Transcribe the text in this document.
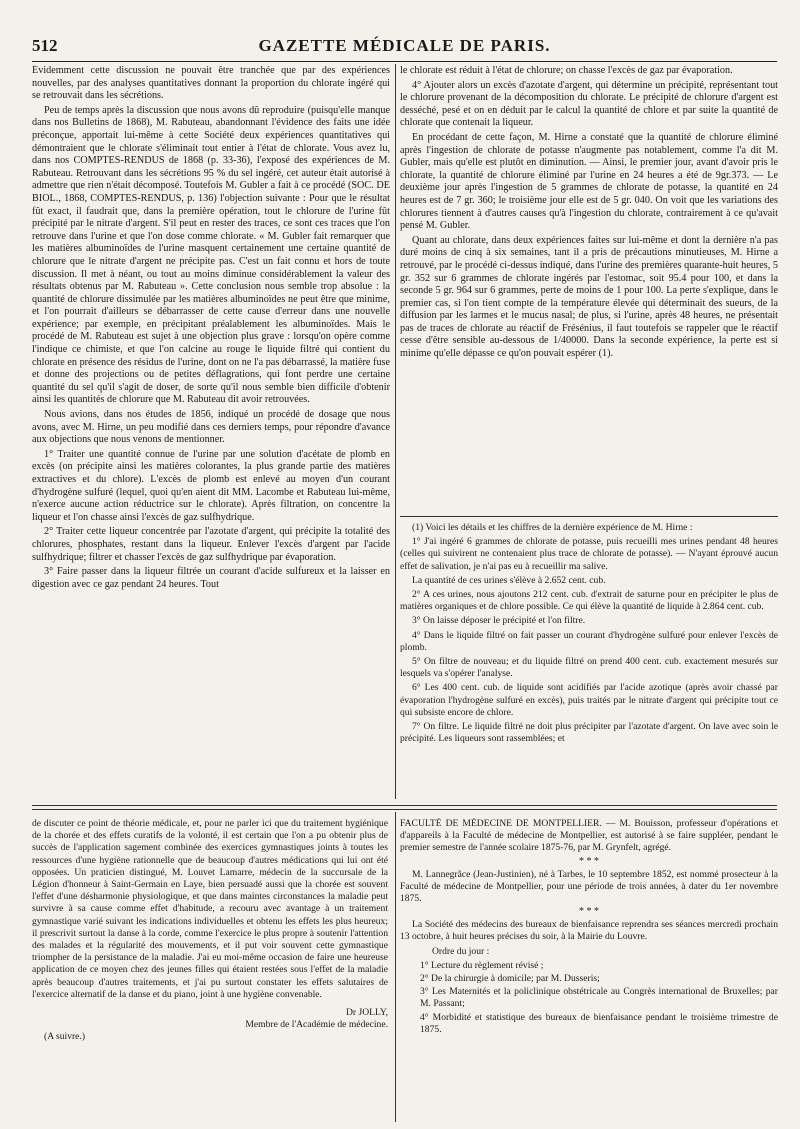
512	GAZETTE MÉDICALE DE PARIS.

Évidemment cette discussion ne pouvait être tranchée que par des expériences nouvelles, par des analyses quantitatives donnant la proportion du chlorate ingéré qui se retrouvait dans les sécrétions.

Peu de temps après la discussion que nous avons dû reproduire (puisqu'elle manque dans nos Bulletins de 1868), M. Rabuteau, abandonnant l'évidence des faits une idée préconçue, apportait lui-même à cette Société deux expériences quantitatives qui démontraient que le chlorate s'éliminait tout entier à l'état de chlorate. Vous avez lu, dans nos COMPTES-RENDUS de 1868 (p. 33-36), l'exposé des expériences de M. Rabuteau. Retrouvant dans les sécrétions 95 % du sel ingéré, cet auteur était autorisé à admettre que rien n'était décomposé. Toutefois M. Gubler a fait à ce procédé (SOC. DE BIOL., 1868, COMPTES-RENDUS, p. 136) l'objection suivante : Pour que le résultat fût exact, il faudrait que, dans la première opération, tout le chlorure de l'urine fût précipité par le nitrate d'argent. S'il peut en rester des traces, ce sont ces traces que l'on retrouve dans l'urine et que l'on dose comme chlorate. « M. Gubler fait remarquer que les matières albuminoïdes de l'urine masquent certainement une certaine quantité de chlorure que le nitrate d'argent ne précipite pas. C'est un fait connu et hors de toute discussion. Il met à néant, ou tout au moins diminue considérablement la valeur des résultats obtenus par M. Rabuteau ». Cette conclusion nous semble trop absolue : la quantité de chlorure dissimulée par les matières albuminoïdes ne peut être que minime, et l'on pourrait d'ailleurs se débarrasser de cette cause d'erreur dans une nouvelle expérience; par exemple, en précipitant préalablement les albuminoïdes. Mais le procédé de M. Rabuteau est sujet à une objection plus grave : lorsqu'on opère comme l'indique ce chimiste, et que l'on calcine au rouge le liquide filtré qui contient du chlorate en présence des résidus de l'urine, dont on ne l'a pas débarrassé, la matière fuse et donne des projections ou de petites déflagrations, qui font perdre une certaine quantité du sel qu'il s'agit de doser, de sorte qu'il nous semble bien difficile d'obtenir ainsi les quantités de chlorure que M. Rabuteau dit avoir retrouvées.

Nous avions, dans nos études de 1856, indiqué un procédé de dosage que nous avons, avec M. Hirne, un peu modifié dans ces derniers temps, pour répondre d'avance aux objections que nous venons de mentionner.

1° Traiter une quantité connue de l'urine par une solution d'acétate de plomb en excès (on précipite ainsi les matières colorantes, la plus grande partie des matières extractives et du chlore). L'excès de plomb est enlevé au moyen d'un courant d'hydrogène sulfuré (lequel, quoi qu'en aient dit MM. Lacombe et Rabuteau lui-même, n'exerce aucune action réductrice sur le chlorate). Après filtration, on concentre la liqueur et l'on chasse ainsi l'excès de gaz sulfhydrique.

2° Traiter cette liqueur concentrée par l'azotate d'argent, qui précipite la totalité des chlorures, phosphates, restant dans la liqueur. Enlever l'excès d'argent par l'acide sulfhydrique; filtrer et chasser l'excès de gaz sulfhydrique par évaporation.

3° Faire passer dans la liqueur filtrée un courant d'acide sulfureux et la laisser en digestion avec ce gaz pendant 24 heures. Tout

le chlorate est réduit à l'état de chlorure; on chasse l'excès de gaz par évaporation.

4° Ajouter alors un excès d'azotate d'argent, qui détermine un précipité, représentant tout le chlorure provenant de la décomposition du chlorate. Le précipité de chlorure d'argent est desséché, pesé et on en déduit par le calcul la quantité de chlore et par suite la quantité de chlorate que contenait la liqueur.

En procédant de cette façon, M. Hirne a constaté que la quantité de chlorure éliminé après l'ingestion de chlorate de potasse n'augmente pas notablement, comme l'a dit M. Gubler, mais qu'elle est plutôt en diminution. — Ainsi, le premier jour, avant d'avoir pris le chlorate, la quantité de chlorure éliminé par l'urine en 24 heures a été de 9gr.373. — Le deuxième jour après l'ingestion de 5 grammes de chlorate de potasse, la quantité en 24 heures est de 7 gr. 360; le troisième jour elle est de 5 gr. 040. On voit que les variations des chlorures tiennent à d'autres causes qu'à l'ingestion du chlorate, contrairement à ce qu'avait pensé M. Gubler.

Quant au chlorate, dans deux expériences faites sur lui-même et dont la dernière n'a pas duré moins de cinq à six semaines, tant il a pris de précautions minutieuses, M. Hirne a retrouvé, par le procédé ci-dessus indiqué, dans l'urine des premières quarante-huit heures, 5 gr. 352 sur 6 grammes de chlorate ingérés par l'estomac, soit 95.4 pour 100, et dans la seconde 5 gr. 964 sur 6 grammes, perte de moins de 1 pour 100. La perte s'explique, dans le premier cas, si l'on tient compte de la température élevée qui déterminait des sueurs, de la diffusion par les larmes et le mucus nasal; de plus, si l'urine, après 48 heures, ne présentait pas de traces de chlorate au réactif de Frésénius, il faut toutefois se rappeler que le réactif cesse d'être sensible au-dessous de 1/40000. Dans la seconde expérience, la perte est si minime qu'elle dépasse ce qu'on pouvait espérer (1).

(1) Voici les détails et les chiffres de la dernière expérience de M. Hirne :

1° J'ai ingéré 6 grammes de chlorate de potasse, puis recueilli mes urines pendant 48 heures (celles qui suivirent ne contenaient plus trace de chlorate de potasse). — N'ayant éprouvé aucun effet de salivation, je n'ai pas eu à recueillir ma salive.

La quantité de ces urines s'élève à 2.652 cent. cub.

2° A ces urines, nous ajoutons 212 cent. cub. d'extrait de saturne pour en précipiter le plus de matières organiques et de chlore possible. Ce qui élève la quantité de liquide à 2.864 cent. cub.

3° On laisse déposer le précipité et l'on filtre.

4° Dans le liquide filtré on fait passer un courant d'hydrogène sulfuré pour enlever l'excès de plomb.

5° On filtre de nouveau; et du liquide filtré on prend 400 cent. cub. exactement mesurés sur lesquels va s'opérer l'analyse.

6° Les 400 cent. cub. de liquide sont acidifiés par l'acide azotique (après avoir chassé par évaporation l'hydrogène sulfuré en excès), puis traités par le nitrate d'argent qui précipite tout ce qui subsiste encore de chlore.

7° On filtre. Le liquide filtré ne doit plus précipiter par l'azotate d'argent. On lave avec soin le précipité. Les liqueurs sont rassemblées; et

de discuter ce point de théorie médicale, et, pour ne parler ici que du traitement hygiénique de la chorée et des effets curatifs de la volonté, il est certain que l'on a pu obtenir plus de succès de l'application sagement combinée des exercices gymnastiques joints à toutes les ressources d'une hygiène rationnelle que de beaucoup d'autres médications qui lui ont été opposées. Un praticien distingué, M. Louvet Lamarre, médecin de la succursale de la Légion d'honneur à Saint-Germain en Laye, bien persuadé aussi que la chorée est souvent l'effet d'une désharmonie physiologique, et que dans maintes circonstances la maladie peut survivre à sa cause comme effet d'habitude, a recouru avec avantage à un traitement gymnastique varié suivant les indications individuelles et obtenu les effets les plus heureux; il prescrivit surtout la danse à la corde, comme l'exercice le plus propre à soutenir l'attention des malades et la régularité des mouvements, et il put voir souvent cette gymnastique triompher de la persistance de la maladie. J'ai eu moi-même occasion de faire une heureuse application de ce moyen chez des jeunes filles qui étaient restées sous l'effet de la maladie après beaucoup d'autres traitements, et j'ai pu surtout constater les effets salutaires de l'exercice alternatif de la danse et du piano, joint à une hygiène convenable.

Dr JOLLY,
Membre de l'Académie de médecine.

(A suivre.)

FACULTÉ DE MÉDECINE DE MONTPELLIER. — M. Bouisson, professeur d'opérations et d'appareils à la Faculté de médecine de Montpellier, est autorisé à se faire suppléer, pendant le premier semestre de l'année scolaire 1875-76, par M. Grynfelt, agrégé.

* * *

M. Lannegrâce (Jean-Justinien), né à Tarbes, le 10 septembre 1852, est nommé prosecteur à la Faculté de médecine de Montpellier, pour une période de trois années, à dater du 1er novembre 1875.

* * *

La Société des médecins des bureaux de bienfaisance reprendra ses séances mercredi prochain 13 octobre, à huit heures précises du soir, à la Mairie du Louvre.

Ordre du jour :

1° Lecture du règlement révisé ;

2° De la chirurgie à domicile; par M. Dusseris;

3° Les Maternités et la policlinique obstétricale au Congrès international de Bruxelles; par M. Passant;

4° Morbidité et statistique des bureaux de bienfaisance pendant le troisième trimestre de 1875.
